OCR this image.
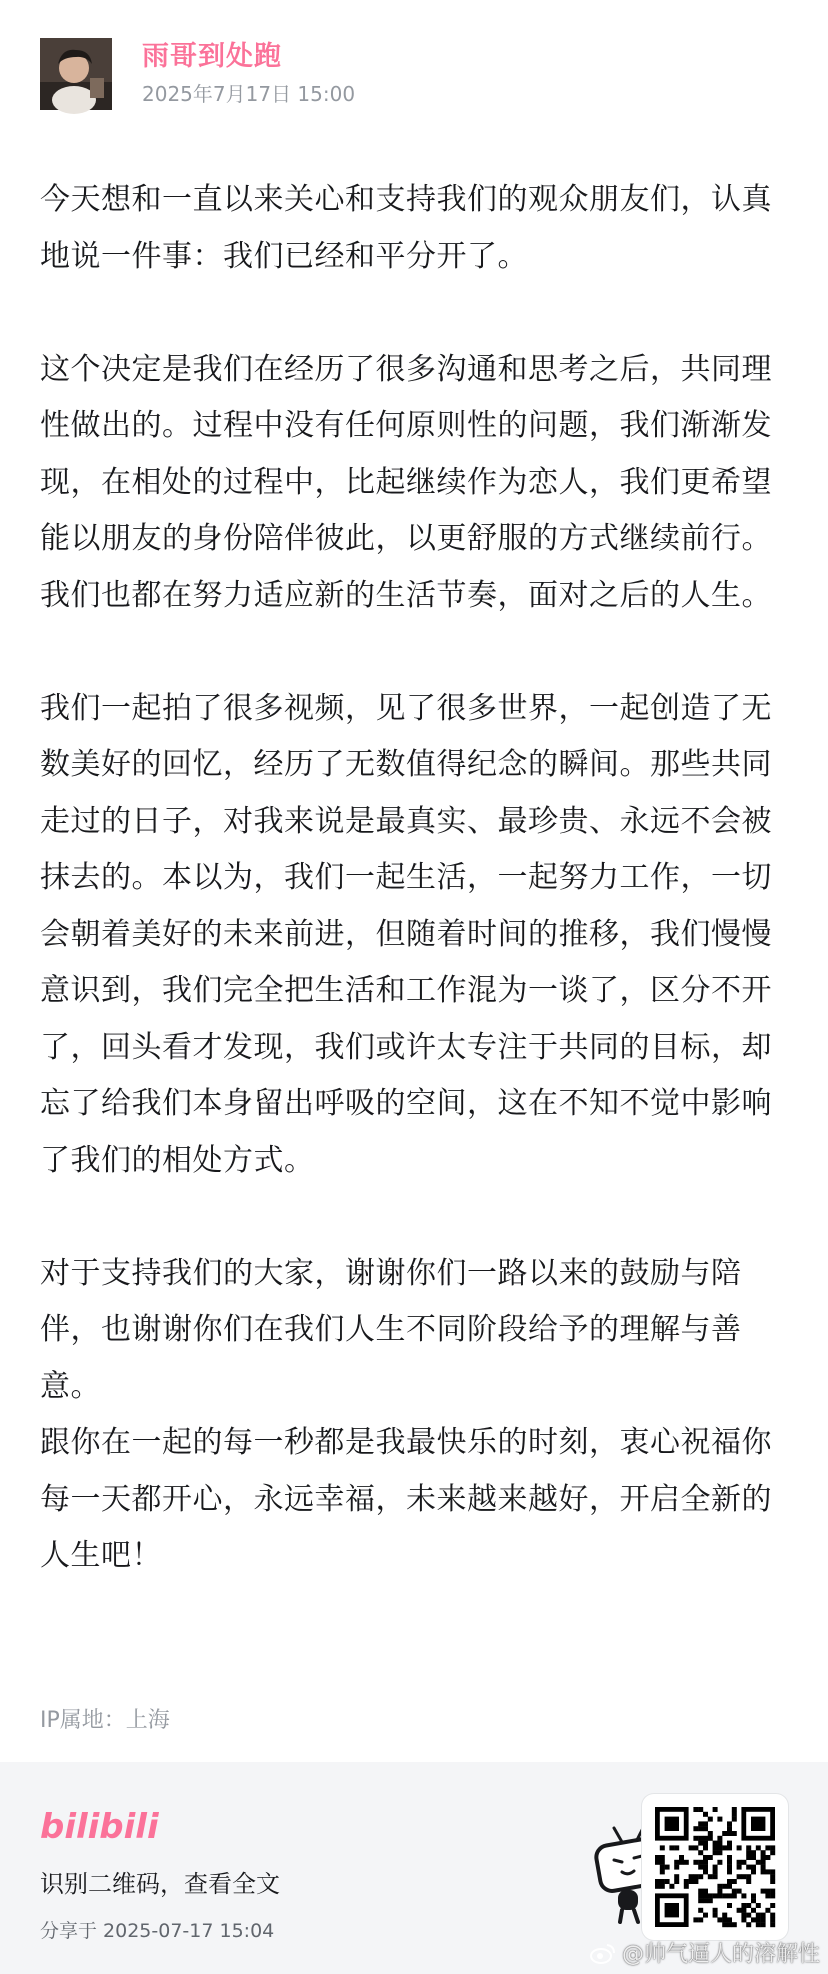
雨哥到处跑
2025年7月17日 15:00

今天想和一直以来关心和支持我们的观众朋友们，认真地说一件事：我们已经和平分开了。

这个决定是我们在经历了很多沟通和思考之后，共同理性做出的。过程中没有任何原则性的问题，我们渐渐发现，在相处的过程中，比起继续作为恋人，我们更希望能以朋友的身份陪伴彼此，以更舒服的方式继续前行。我们也都在努力适应新的生活节奏，面对之后的人生。

我们一起拍了很多视频，见了很多世界，一起创造了无数美好的回忆，经历了无数值得纪念的瞬间。那些共同走过的日子，对我来说是最真实、最珍贵、永远不会被抹去的。本以为，我们一起生活，一起努力工作，一切会朝着美好的未来前进，但随着时间的推移，我们慢慢意识到，我们完全把生活和工作混为一谈了，区分不开了，回头看才发现，我们或许太专注于共同的目标，却忘了给我们本身留出呼吸的空间，这在不知不觉中影响了我们的相处方式。

对于支持我们的大家，谢谢你们一路以来的鼓励与陪伴，也谢谢你们在我们人生不同阶段给予的理解与善意。

跟你在一起的每一秒都是我最快乐的时刻，衷心祝福你每一天都开心，永远幸福，未来越来越好，开启全新的人生吧！

IP属地：上海
bilibili
识别二维码，查看全文
分享于 2025-07-17 15:04
@帅气逼人的溶解性
